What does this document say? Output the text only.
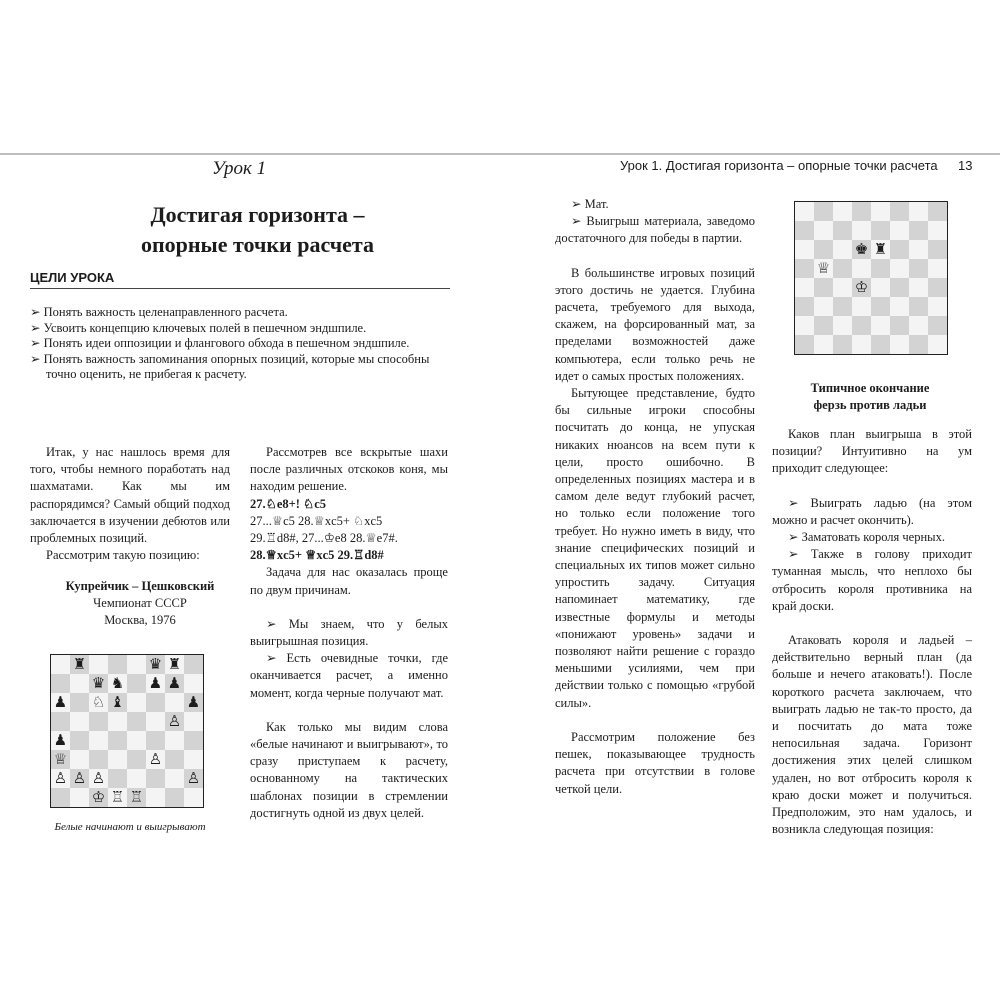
Урок 1	Урок 1. Достигая горизонта – опорные точки расчета 13
Достигая горизонта –
опорные точки расчета
ЦЕЛИ УРОКА
➢ Понять важность целенаправленного расчета.
➢ Усвоить концепцию ключевых полей в пешечном эндшпиле.
➢ Понять идеи оппозиции и флангового обхода в пешечном эндшпиле.
➢ Понять важность запоминания опорных позиций, которые мы способны точно оценить, не прибегая к расчету.

Итак, у нас нашлось время для того, чтобы немного поработать над шахматами. Как мы им распорядимся? Самый общий подход заключается в изучении дебютов или проблемных позиций.

Рассмотрим такую позицию:

Купрейчик – Цешковский
Чемпионат СССР
Москва, 1976
♜	♛ ♜
♛ ♞ ♟ ♟
♟ ♘ ♝	♟
♙
♟
♕	♙
♙ ♙ ♙	♙
♔ ♖ ♖
Белые начинают и выигрывают

Рассмотрев все вскрытые шахи после различных отскоков коня, мы находим решение.

27.♘e8+! ♘c5

27...♕c5 28.♕xc5+ ♘xc5

29.♖d8#, 27...♔e8 28.♕e7#.

28.♕xc5+ ♕xc5 29.♖d8#

Задача для нас оказалась проще по двум причинам.

➢ Мы знаем, что у белых выигрышная позиция.

➢ Есть очевидные точки, где оканчивается расчет, а именно момент, когда черные получают мат.

Как только мы видим слова «белые начинают и выигрывают», то сразу приступаем к расчету, основанному на тактических шаблонах позиции в стремлении достигнуть одной из двух целей.

➢ Мат.

➢ Выигрыш материала, заведомо достаточного для победы в партии.

В большинстве игровых позиций этого достичь не удается. Глубина расчета, требуемого для выхода, скажем, на форсированный мат, за пределами возможностей даже компьютера, если только речь не идет о самых простых положениях.

Бытующее представление, будто бы сильные игроки способны посчитать до конца, не упуская никаких нюансов на всем пути к цели, просто ошибочно. В определенных позициях мастера и в самом деле ведут глубокий расчет, но только если положение того требует. Но нужно иметь в виду, что знание специфических позиций и специальных их типов может сильно упростить задачу. Ситуация напоминает математику, где известные формулы и методы «понижают уровень» задачи и позволяют найти решение с гораздо меньшими усилиями, чем при действии только с помощью «грубой силы».

Рассмотрим положение без пешек, показывающее трудность расчета при отсутствии в голове четкой цели.

♚ ♜
♕
♔
Типичное окончание
ферзь против ладьи

Каков план выигрыша в этой позиции? Интуитивно на ум приходит следующее:

➢ Выиграть ладью (на этом можно и расчет окончить).

➢ Заматовать короля черных.

➢ Также в голову приходит туманная мысль, что неплохо бы отбросить короля противника на край доски.

Атаковать короля и ладьей – действительно верный план (да больше и нечего атаковать!). После короткого расчета заключаем, что выиграть ладью не так-то просто, да и посчитать до мата тоже непосильная задача. Горизонт достижения этих целей слишком удален, но вот отбросить короля к краю доски может и получиться. Предположим, это нам удалось, и возникла следующая позиция:
